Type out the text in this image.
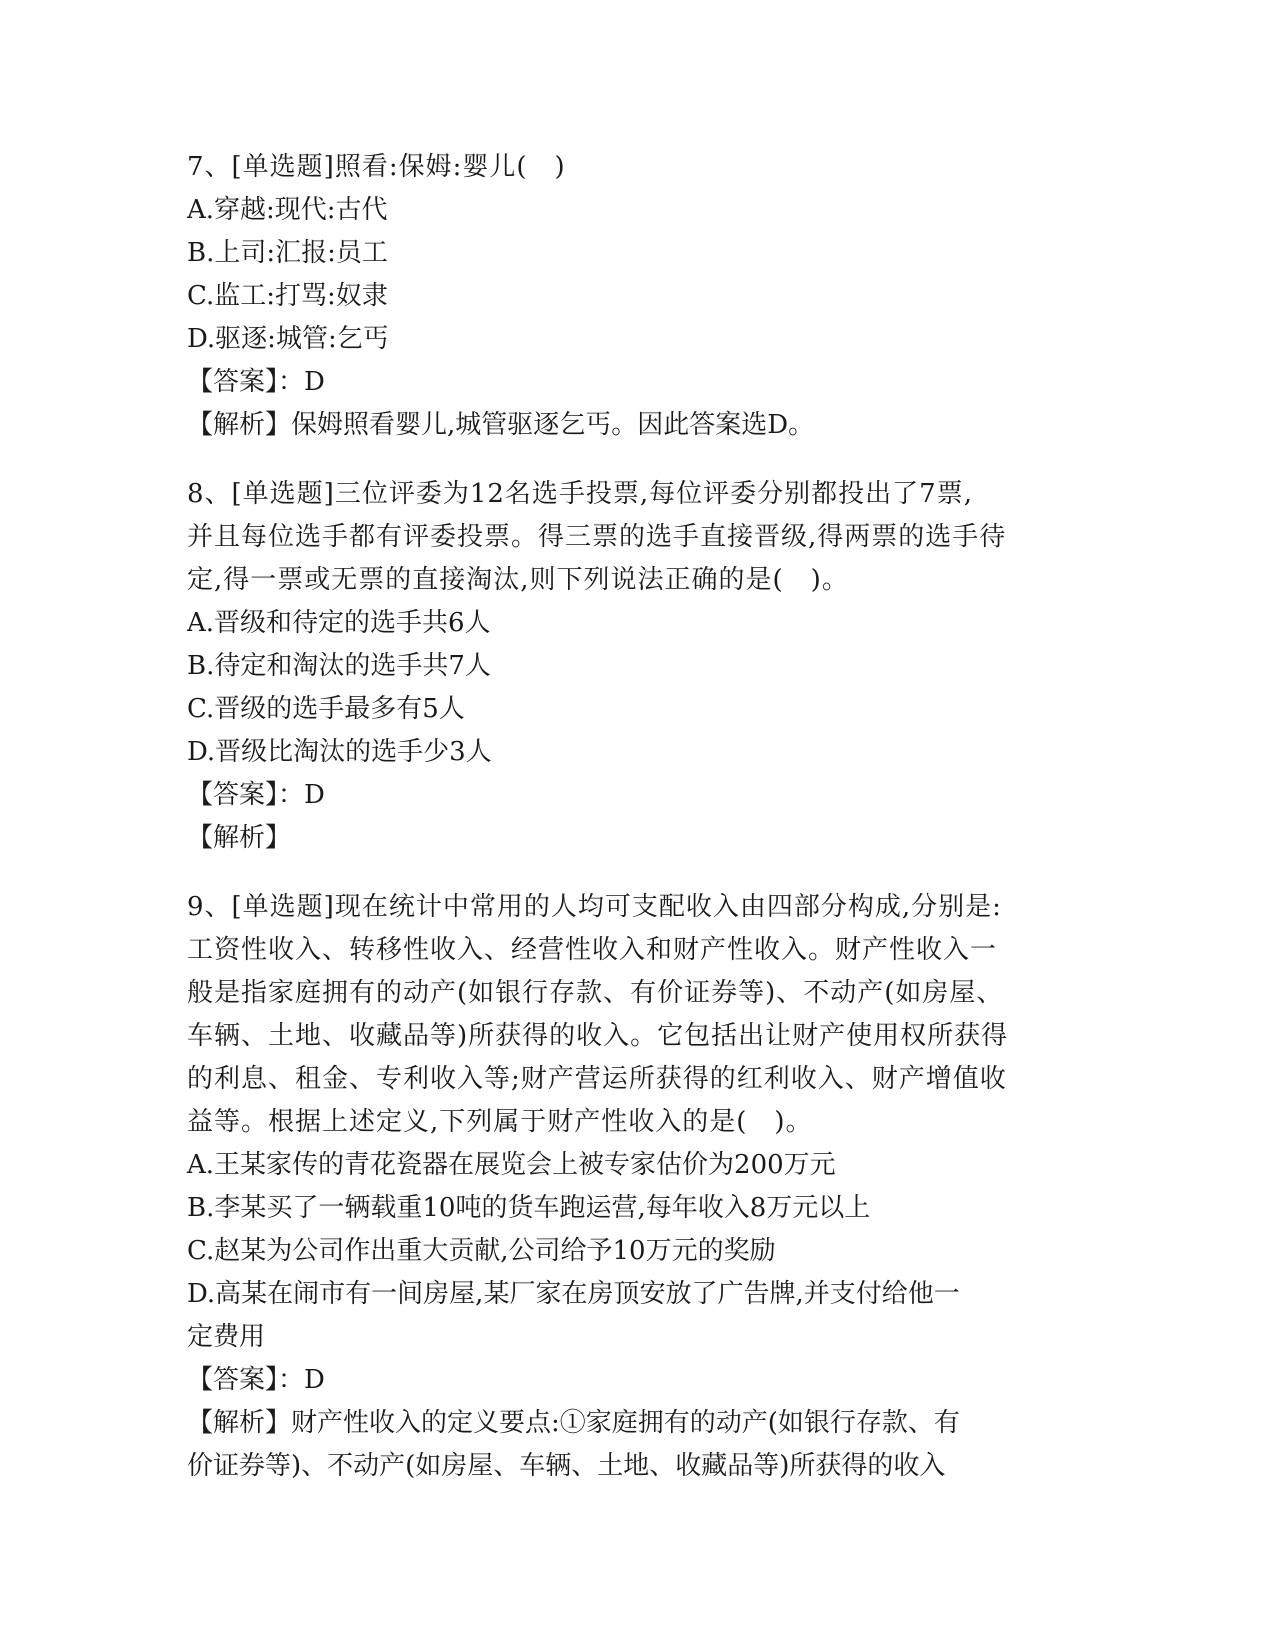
7、[单选题]照看:保姆:婴儿(　)

A.穿越:现代:古代

B.上司:汇报:员工

C.监工:打骂:奴隶

D.驱逐:城管:乞丐

【答案】：D

【解析】保姆照看婴儿,城管驱逐乞丐。因此答案选D。

8、[单选题]三位评委为12名选手投票,每位评委分别都投出了7票,

并且每位选手都有评委投票。得三票的选手直接晋级,得两票的选手待

定,得一票或无票的直接淘汰,则下列说法正确的是(　)。

A.晋级和待定的选手共6人

B.待定和淘汰的选手共7人

C.晋级的选手最多有5人

D.晋级比淘汰的选手少3人

【答案】：D

【解析】

9、[单选题]现在统计中常用的人均可支配收入由四部分构成,分别是:

工资性收入、转移性收入、经营性收入和财产性收入。财产性收入一

般是指家庭拥有的动产(如银行存款、有价证券等)、不动产(如房屋、

车辆、土地、收藏品等)所获得的收入。它包括出让财产使用权所获得

的利息、租金、专利收入等;财产营运所获得的红利收入、财产增值收

益等。根据上述定义,下列属于财产性收入的是(　)。

A.王某家传的青花瓷器在展览会上被专家估价为200万元

B.李某买了一辆载重10吨的货车跑运营,每年收入8万元以上

C.赵某为公司作出重大贡献,公司给予10万元的奖励

D.高某在闹市有一间房屋,某厂家在房顶安放了广告牌,并支付给他一

定费用

【答案】：D

【解析】财产性收入的定义要点:①家庭拥有的动产(如银行存款、有

价证券等)、不动产(如房屋、车辆、土地、收藏品等)所获得的收入
